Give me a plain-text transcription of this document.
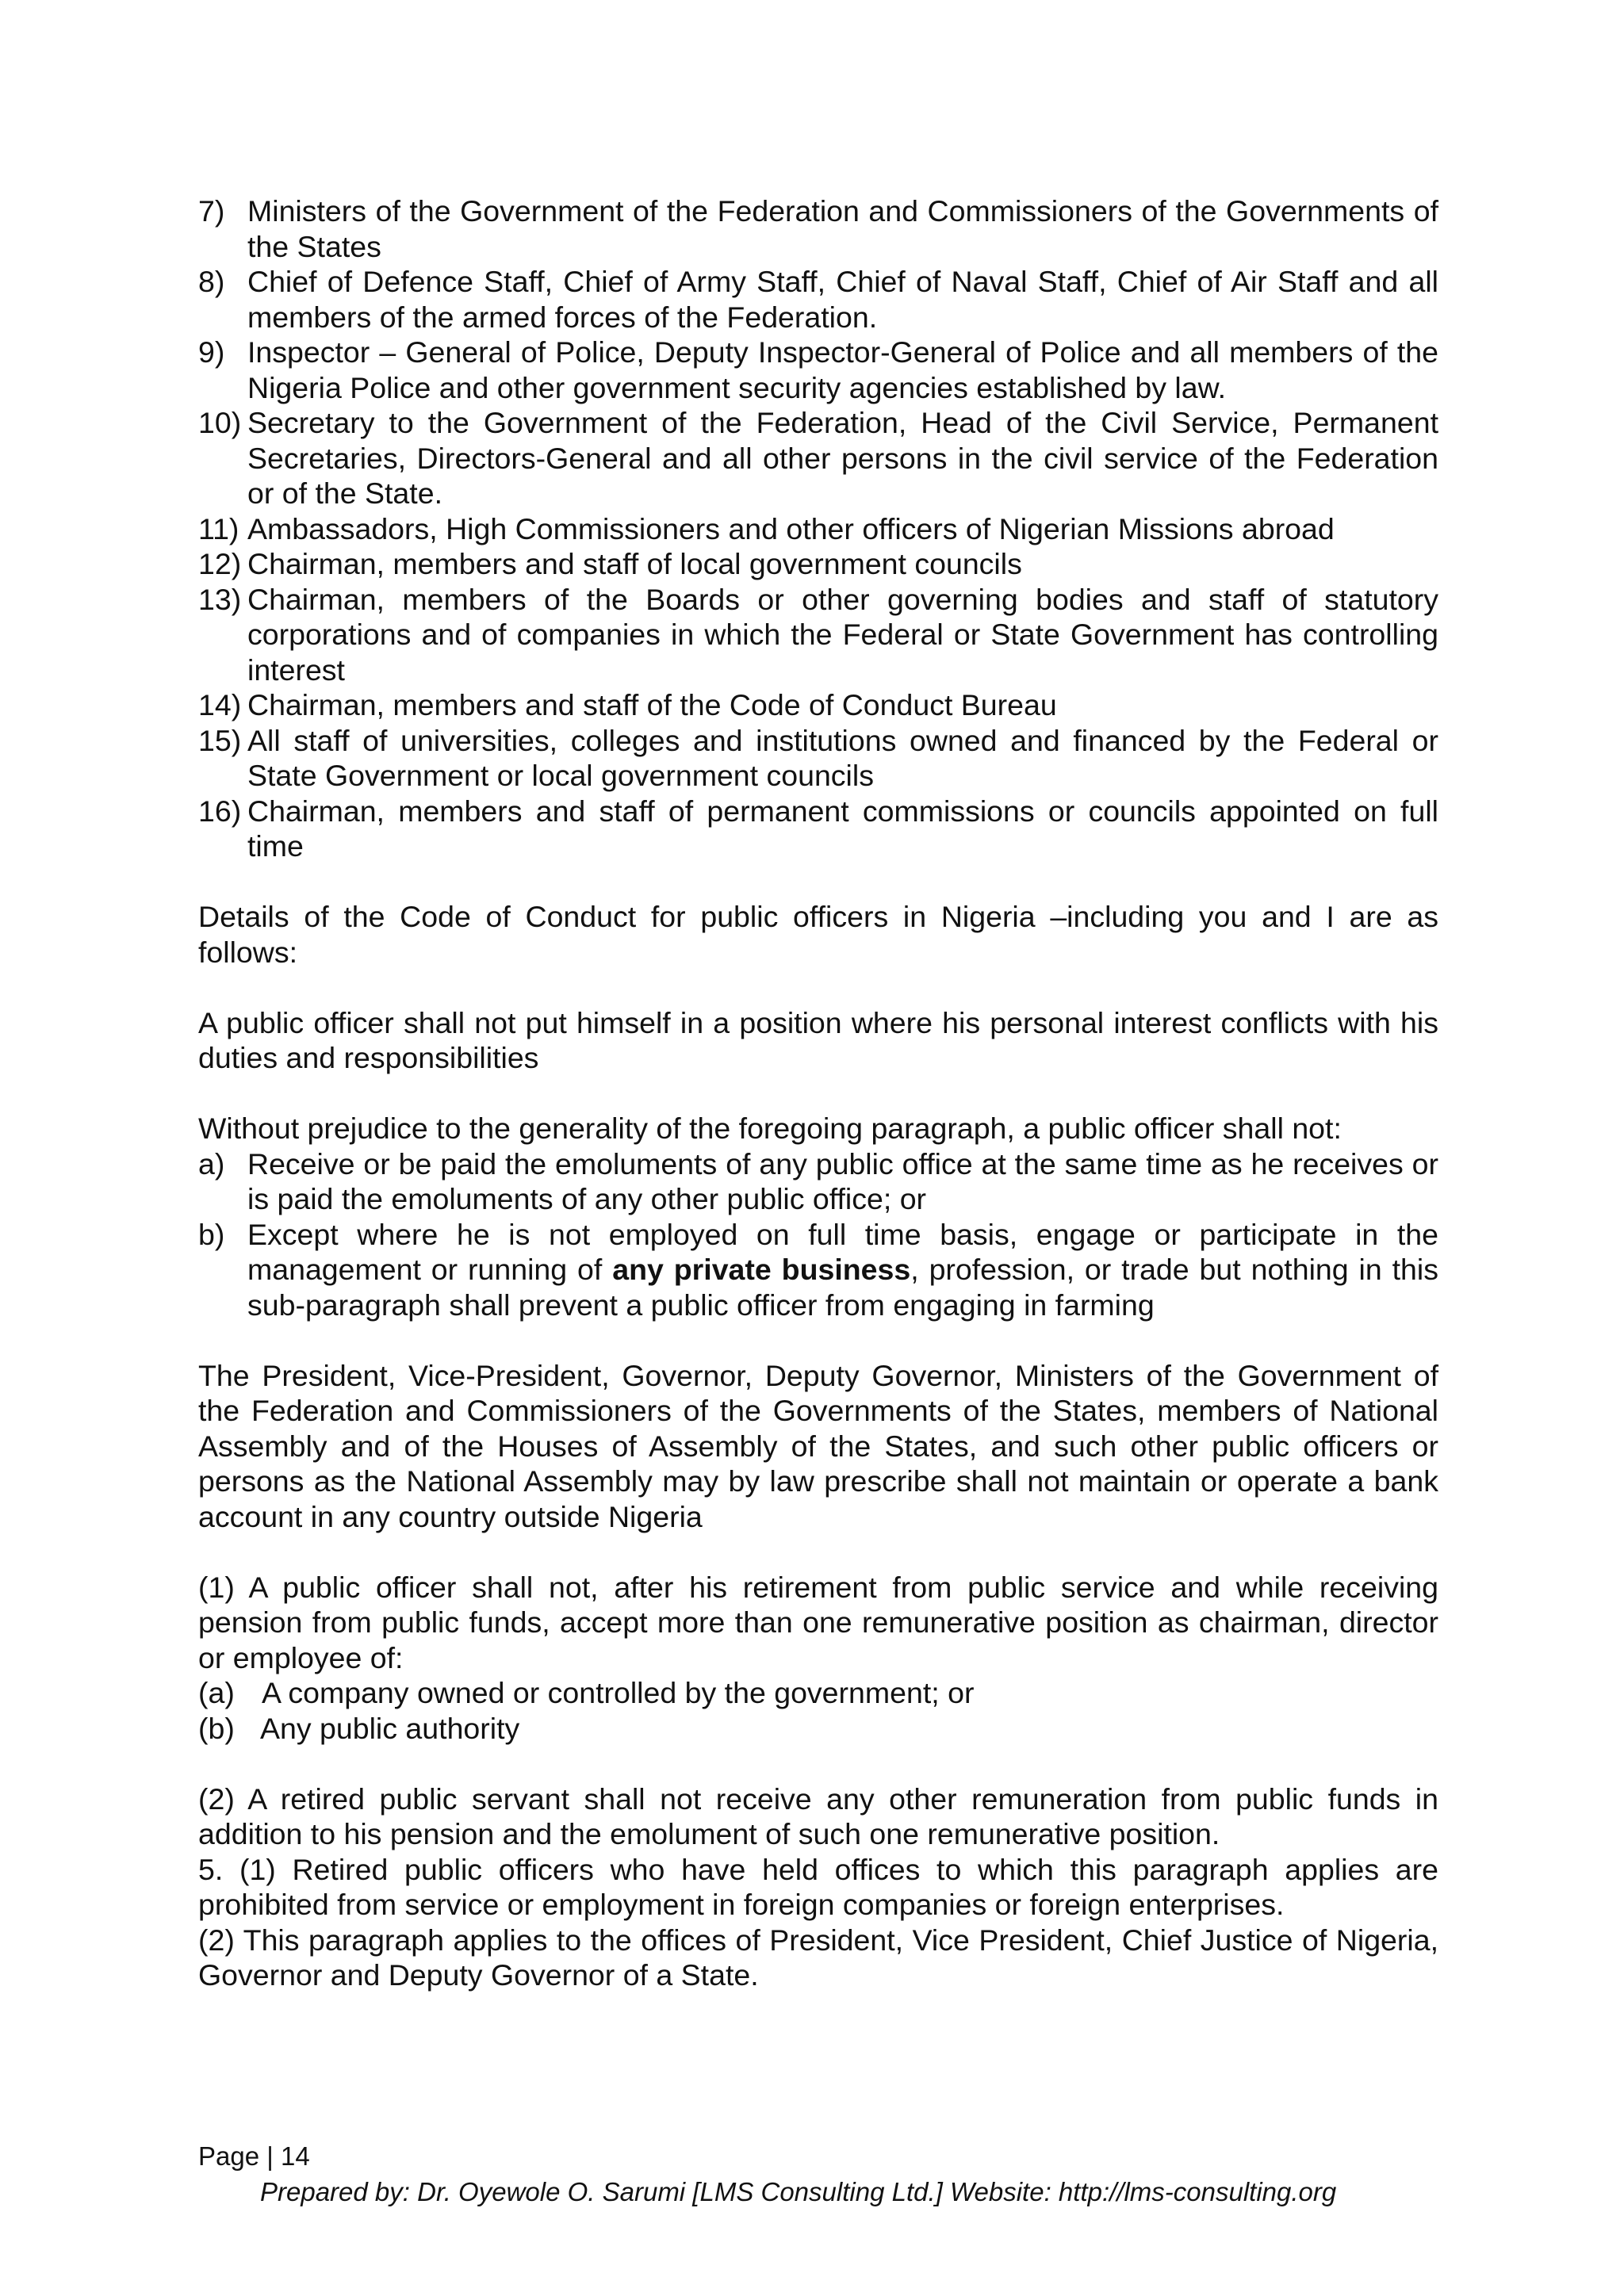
7) Ministers of the Government of the Federation and Commissioners of the Governments of the States
8) Chief of Defence Staff, Chief of Army Staff, Chief of Naval Staff, Chief of Air Staff and all members of the armed forces of the Federation.
9) Inspector – General of Police, Deputy Inspector-General of Police and all members of the Nigeria Police and other government security agencies established by law.
10) Secretary to the Government of the Federation, Head of the Civil Service, Permanent Secretaries, Directors-General and all other persons in the civil service of the Federation or of the State.
11) Ambassadors, High Commissioners and other officers of Nigerian Missions abroad
12) Chairman, members and staff of local government councils
13) Chairman, members of the Boards or other governing bodies and staff of statutory corporations and of companies in which the Federal or State Government has controlling interest
14) Chairman, members and staff of the Code of Conduct Bureau
15) All staff of universities, colleges and institutions owned and financed by the Federal or State Government or local government councils
16) Chairman, members and staff of permanent commissions or councils appointed on full time

Details of the Code of Conduct for public officers in Nigeria –including you and I are as follows:

A public officer shall not put himself in a position where his personal interest conflicts with his duties and responsibilities

Without prejudice to the generality of the foregoing paragraph, a public officer shall not:

a) Receive or be paid the emoluments of any public office at the same time as he receives or is paid the emoluments of any other public office; or
b) Except where he is not employed on full time basis, engage or participate in the management or running of any private business, profession, or trade but nothing in this sub-paragraph shall prevent a public officer from engaging in farming

The President, Vice-President, Governor, Deputy Governor, Ministers of the Government of the Federation and Commissioners of the Governments of the States, members of National Assembly and of the Houses of Assembly of the States, and such other public officers or persons as the National Assembly may by law prescribe shall not maintain or operate a bank account in any country outside Nigeria

(1) A public officer shall not, after his retirement from public service and while receiving pension from public funds, accept more than one remunerative position as chairman, director or employee of:

(a) A company owned or controlled by the government; or
(b) Any public authority

(2) A retired public servant shall not receive any other remuneration from public funds in addition to his pension and the emolument of such one remunerative position.

5. (1) Retired public officers who have held offices to which this paragraph applies are prohibited from service or employment in foreign companies or foreign enterprises.

(2) This paragraph applies to the offices of President, Vice President, Chief Justice of Nigeria, Governor and Deputy Governor of a State.

Page | 14
Prepared by: Dr. Oyewole O. Sarumi [LMS Consulting Ltd.] Website: http://lms-consulting.org
